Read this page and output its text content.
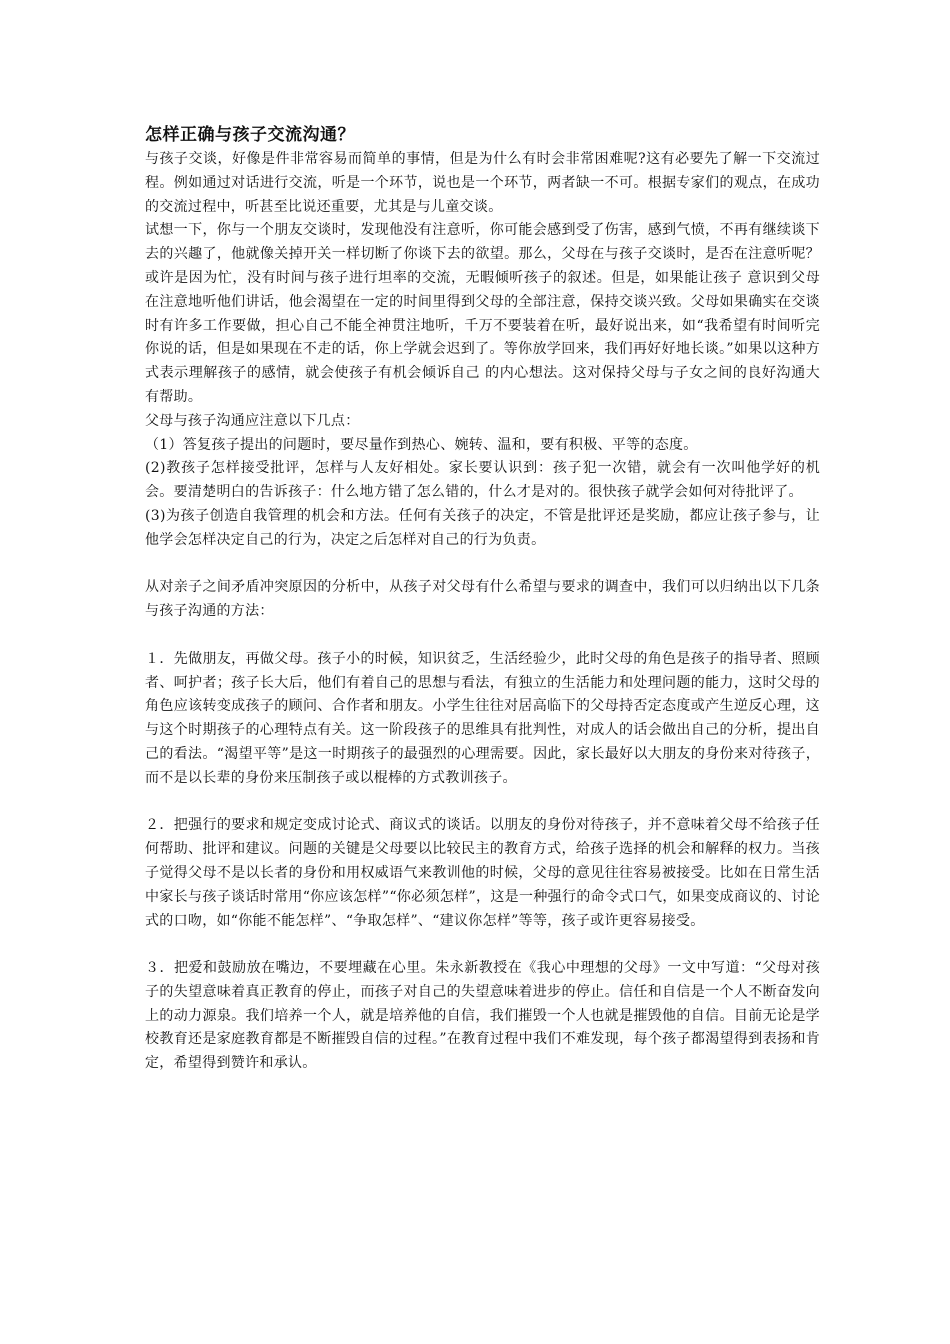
怎样正确与孩子交流沟通？

与孩子交谈，好像是件非常容易而简单的事情，但是为什么有时会非常困难呢?这有必要先了解一下交流过程。例如通过对话进行交流，听是一个环节，说也是一个环节，两者缺一不可。根据专家们的观点，在成功的交流过程中，听甚至比说还重要，尤其是与儿童交谈。

试想一下，你与一个朋友交谈时，发现他没有注意听，你可能会感到受了伤害，感到气愤，不再有继续谈下去的兴趣了，他就像关掉开关一样切断了你谈下去的欲望。那么，父母在与孩子交谈时，是否在注意听呢？或许是因为忙，没有时间与孩子进行坦率的交流，无暇倾听孩子的叙述。但是，如果能让孩子 意识到父母在注意地听他们讲话，他会渴望在一定的时间里得到父母的全部注意，保持交谈兴致。父母如果确实在交谈时有许多工作要做，担心自己不能全神贯注地听，千万不要装着在听，最好说出来，如“我希望有时间听完你说的话，但是如果现在不走的话，你上学就会迟到了。等你放学回来，我们再好好地长谈。”如果以这种方式表示理解孩子的感情，就会使孩子有机会倾诉自己 的内心想法。这对保持父母与子女之间的良好沟通大有帮助。

父母与孩子沟通应注意以下几点：

（1）答复孩子提出的问题时，要尽量作到热心、婉转、温和，要有积极、平等的态度。

(2)教孩子怎样接受批评，怎样与人友好相处。家长要认识到：孩子犯一次错，就会有一次叫他学好的机会。要清楚明白的告诉孩子：什么地方错了怎么错的，什么才是对的。很快孩子就学会如何对待批评了。

(3)为孩子创造自我管理的机会和方法。任何有关孩子的决定，不管是批评还是奖励，都应让孩子参与，让他学会怎样决定自己的行为，决定之后怎样对自己的行为负责。

从对亲子之间矛盾冲突原因的分析中，从孩子对父母有什么希望与要求的调查中，我们可以归纳出以下几条与孩子沟通的方法：

１．先做朋友，再做父母。孩子小的时候，知识贫乏，生活经验少，此时父母的角色是孩子的指导者、照顾者、呵护者；孩子长大后，他们有着自己的思想与看法，有独立的生活能力和处理问题的能力，这时父母的角色应该转变成孩子的顾问、合作者和朋友。小学生往往对居高临下的父母持否定态度或产生逆反心理，这与这个时期孩子的心理特点有关。这一阶段孩子的思维具有批判性，对成人的话会做出自己的分析，提出自己的看法。“渴望平等”是这一时期孩子的最强烈的心理需要。因此，家长最好以大朋友的身份来对待孩子，而不是以长辈的身份来压制孩子或以棍棒的方式教训孩子。

２．把强行的要求和规定变成讨论式、商议式的谈话。以朋友的身份对待孩子，并不意味着父母不给孩子任何帮助、批评和建议。问题的关键是父母要以比较民主的教育方式，给孩子选择的机会和解释的权力。当孩子觉得父母不是以长者的身份和用权威语气来教训他的时候，父母的意见往往容易被接受。比如在日常生活中家长与孩子谈话时常用“你应该怎样”“你必须怎样”，这是一种强行的命令式口气，如果变成商议的、讨论式的口吻，如“你能不能怎样”、“争取怎样”、“建议你怎样”等等，孩子或许更容易接受。

３．把爱和鼓励放在嘴边，不要埋藏在心里。朱永新教授在《我心中理想的父母》一文中写道：“父母对孩子的失望意味着真正教育的停止，而孩子对自己的失望意味着进步的停止。信任和自信是一个人不断奋发向上的动力源泉。我们培养一个人，就是培养他的自信，我们摧毁一个人也就是摧毁他的自信。目前无论是学校教育还是家庭教育都是不断摧毁自信的过程。”在教育过程中我们不难发现，每个孩子都渴望得到表扬和肯定，希望得到赞许和承认。
